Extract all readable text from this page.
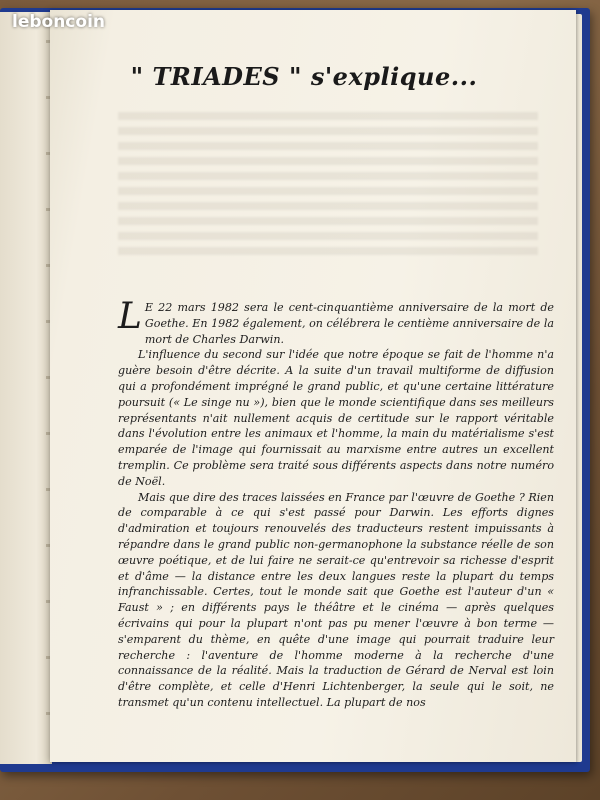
leboncoin
" TRIADES " s'explique...

L E 22 mars 1982 sera le cent-cinquantième anniversaire de la mort de Goethe. En 1982 également, on célébrera le centième anniversaire de la mort de Charles Darwin.

L'influence du second sur l'idée que notre époque se fait de l'homme n'a guère besoin d'être décrite. A la suite d'un travail multiforme de diffusion qui a profondément imprégné le grand public, et qu'une certaine littérature poursuit (« Le singe nu »), bien que le monde scientifique dans ses meilleurs représentants n'ait nullement acquis de certitude sur le rapport véritable dans l'évolution entre les animaux et l'homme, la main du matérialisme s'est emparée de l'image qui fournissait au marxisme entre autres un excellent tremplin. Ce problème sera traité sous différents aspects dans notre numéro de Noël.

Mais que dire des traces laissées en France par l'œuvre de Goethe ? Rien de comparable à ce qui s'est passé pour Darwin. Les efforts dignes d'admiration et toujours renouvelés des traducteurs restent impuissants à répandre dans le grand public non-germanophone la substance réelle de son œuvre poétique, et de lui faire ne serait-ce qu'entrevoir sa richesse d'esprit et d'âme — la distance entre les deux langues reste la plupart du temps infranchissable. Certes, tout le monde sait que Goethe est l'auteur d'un « Faust » ; en différents pays le théâtre et le cinéma — après quelques écrivains qui pour la plupart n'ont pas pu mener l'œuvre à bon terme — s'emparent du thème, en quête d'une image qui pourrait traduire leur recherche : l'aventure de l'homme moderne à la recherche d'une connaissance de la réalité. Mais la traduction de Gérard de Nerval est loin d'être complète, et celle d'Henri Lichtenberger, la seule qui le soit, ne transmet qu'un contenu intellectuel. La plupart de nos
